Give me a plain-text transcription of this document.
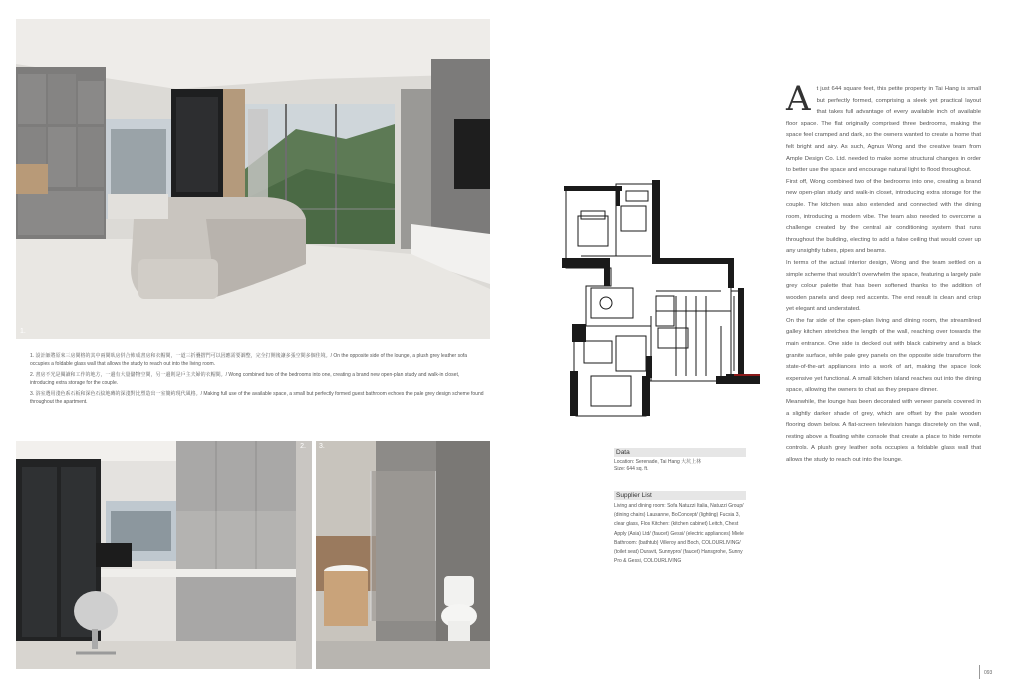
1.

1. 設計師將原來三房間格的其中兩間臥房併合佈成書房和衣帽間，一道三折疊摺門可以因應需要調整，完全打開後讓多張空間多個佳境。/ On the opposite side of the lounge, a plush grey leather sofa occupies a foldable glass wall that allows the study to reach out into the living room.

2. 書房不光是閱讀和工作的地方，一邊有大量儲物空間，另一邊則是戶主夫婦的衣帽間。/ Wong combined two of the bedrooms into one, creating a brand new open-plan study and walk-in closet, introducing extra storage for the couple.

3. 浴室選用淺色系石板和深色石紋地磚的深淺對比塑造出一室簡約現代風格。/ Making full use of the available space, a small but perfectly formed guest bathroom echoes the pale grey design scheme found throughout the apartment.

2. 3.
Data
Location: Serenade, Tai Hang 大坑上林
Size: 644 sq. ft.
Supplier List
Living and dining room: Sofa Natuzzi Italia, Natuzzi Group/ (dining chairs) Lausanne, BoConcept/ (lighting) Fucsia 3, clear glass, Flos Kitchen: (kitchen cabinet) Leitch, Chest Apply (Asia) Ltd/ (faucet) Gessi/ (electric appliances) Miele Bathroom: (bathtub) Villeroy and Boch, COLOURLIVING/ (toilet seat) Duravit, Sunnypro/ (faucet) Hansgrohe, Sunny Pro & Gessi, COLOURLIVING
A	t just 644 square feet, this petite property in Tai Hang is small but perfectly formed, comprising a sleek yet practical layout that takes full advantage of every available inch of available floor space. The flat originally comprised three bedrooms, making the space feel cramped and dark, so the owners wanted to create a home that felt bright and airy. As such, Agnus Wong and the creative team from Ample Design Co. Ltd. needed to make some structural changes in order to better use the space and encourage natural light to flood throughout.

First off, Wong combined two of the bedrooms into one, creating a brand new open-plan study and walk-in closet, introducing extra storage for the couple. The kitchen was also extended and connected with the dining room, introducing a modern vibe. The team also needed to overcome a challenge created by the central air conditioning system that runs throughout the building, electing to add a false ceiling that would cover up any unsightly tubes, pipes and beams.

In terms of the actual interior design, Wong and the team settled on a simple scheme that wouldn't overwhelm the space, featuring a largely pale grey colour palette that has been softened thanks to the addition of wooden panels and deep red accents. The end result is clean and crisp yet elegant and understated.

On the far side of the open-plan living and dining room, the streamlined galley kitchen stretches the length of the wall, reaching over towards the main entrance. One side is decked out with black cabinetry and a black granite surface, while pale grey panels on the opposite side transform the state-of-the-art appliances into a work of art, making the space look expensive yet functional. A small kitchen island reaches out into the dining space, allowing the owners to chat as they prepare dinner.

Meanwhile, the lounge has been decorated with veneer panels covered in a slightly darker shade of grey, which are offset by the pale wooden flooring down below. A flat-screen television hangs discretely on the wall, resting above a floating white console that create a place to hide remote controls. A plush grey leather sofa occupies a foldable glass wall that allows the study to reach out into the lounge.

093
